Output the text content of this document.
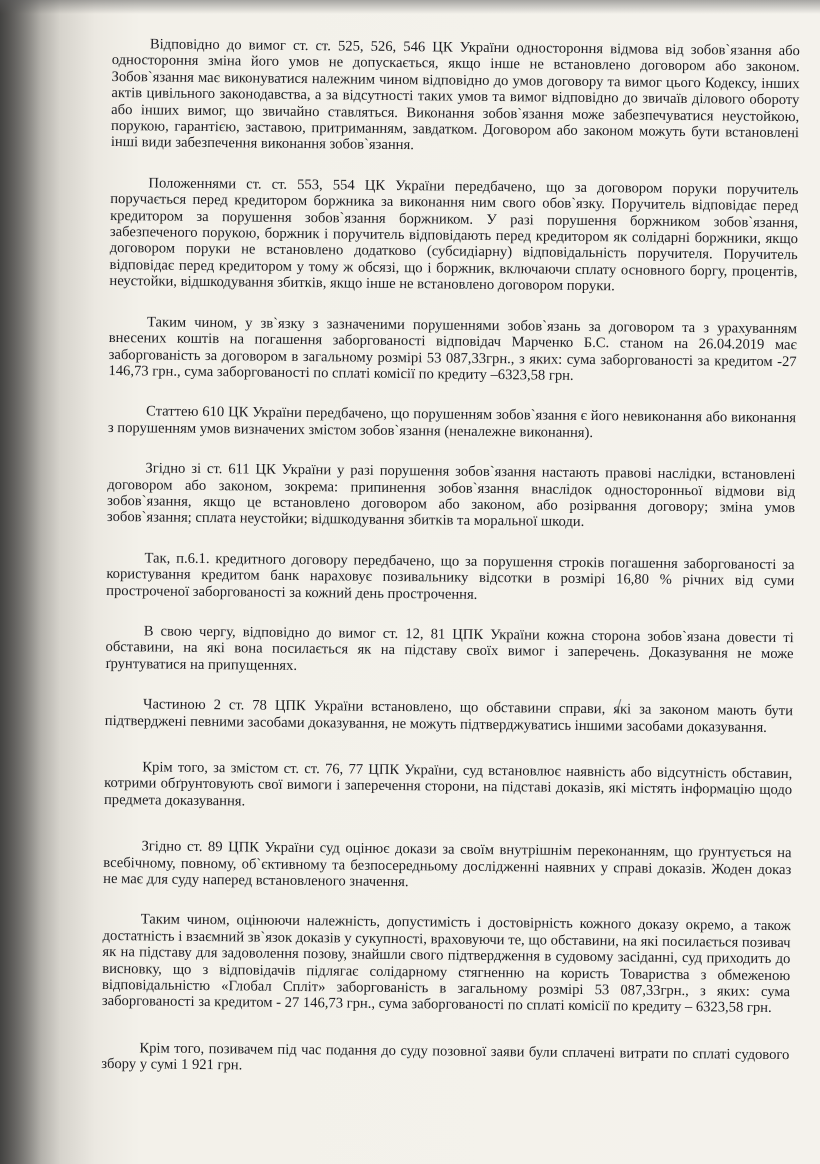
Відповідно до вимог ст. ст. 525, 526, 546 ЦК України одностороння відмова від зобов`язання або одностороння зміна його умов не допускається, якщо інше не встановлено договором або законом. Зобов`язання має виконуватися належним чином відповідно до умов договору та вимог цього Кодексу, інших актів цивільного законодавства, а за відсутності таких умов та вимог відповідно до звичаїв ділового обороту або інших вимог, що звичайно ставляться. Виконання зобов`язання може забезпечуватися неустойкою, порукою, гарантією, заставою, притриманням, завдатком. Договором або законом можуть бути встановлені інші види забезпечення виконання зобов`язання.

Положеннями ст. ст. 553, 554 ЦК України передбачено, що за договором поруки поручитель поручається перед кредитором боржника за виконання ним свого обов`язку. Поручитель відповідає перед кредитором за порушення зобов`язання боржником. У разі порушення боржником зобов`язання, забезпеченого порукою, боржник і поручитель відповідають перед кредитором як солідарні боржники, якщо договором поруки не встановлено додатково (субсидіарну) відповідальність поручителя. Поручитель відповідає перед кредитором у тому ж обсязі, що і боржник, включаючи сплату основного боргу, процентів, неустойки, відшкодування збитків, якщо інше не встановлено договором поруки.

Таким чином, у зв`язку з зазначеними порушеннями зобов`язань за договором та з урахуванням внесених коштів на погашення заборгованості відповідач Марченко Б.С. станом на 26.04.2019 має заборгованість за договором в загальному розмірі 53 087,33грн., з яких: сума заборгованості за кредитом -27 146,73 грн., сума заборгованості по сплаті комісії по кредиту –6323,58 грн.

Статтею 610 ЦК України передбачено, що порушенням зобов`язання є його невиконання або виконання з порушенням умов визначених змістом зобов`язання (неналежне виконання).

Згідно зі ст. 611 ЦК України у разі порушення зобов`язання настають правові наслідки, встановлені договором або законом, зокрема: припинення зобов`язання внаслідок односторонньої відмови від зобов`язання, якщо це встановлено договором або законом, або розірвання договору; зміна умов зобов`язання; сплата неустойки; відшкодування збитків та моральної шкоди.

Так, п.6.1. кредитного договору передбачено, що за порушення строків погашення заборгованості за користування кредитом банк нараховує позивальнику відсотки в розмірі 16,80 % річних від суми простроченої заборгованості за кожний день прострочення.

В свою чергу, відповідно до вимог ст. 12, 81 ЦПК України кожна сторона зобов`язана довести ті обставини, на які вона посилається як на підставу своїх вимог і заперечень. Доказування не може ґрунтуватися на припущеннях.

Частиною 2 ст. 78 ЦПК України встановлено, що обставини справи, які за законом мають бути підтверджені певними засобами доказування, не можуть підтверджуватись іншими засобами доказування.

Крім того, за змістом ст. ст. 76, 77 ЦПК України, суд встановлює наявність або відсутність обставин, котрими обґрунтовують свої вимоги і заперечення сторони, на підставі доказів, які містять інформацію щодо предмета доказування.

Згідно ст. 89 ЦПК України суд оцінює докази за своїм внутрішнім переконанням, що ґрунтується на всебічному, повному, об`єктивному та безпосередньому дослідженні наявних у справі доказів. Жоден доказ не має для суду наперед встановленого значення.

Таким чином, оцінюючи належність, допустимість і достовірність кожного доказу окремо, а також достатність і взаємний зв`язок доказів у сукупності, враховуючи те, що обставини, на які посилається позивач як на підставу для задоволення позову, знайшли свого підтвердження в судовому засіданні, суд приходить до висновку, що з відповідачів підлягає солідарному стягненню на користь Товариства з обмеженою відповідальністю «Глобал Спліт» заборгованість в загальному розмірі 53 087,33грн., з яких: сума заборгованості за кредитом - 27 146,73 грн., сума заборгованості по сплаті комісії по кредиту – 6323,58 грн.

Крім того, позивачем під час подання до суду позовної заяви були сплачені витрати по сплаті судового збору у сумі 1 921 грн.
